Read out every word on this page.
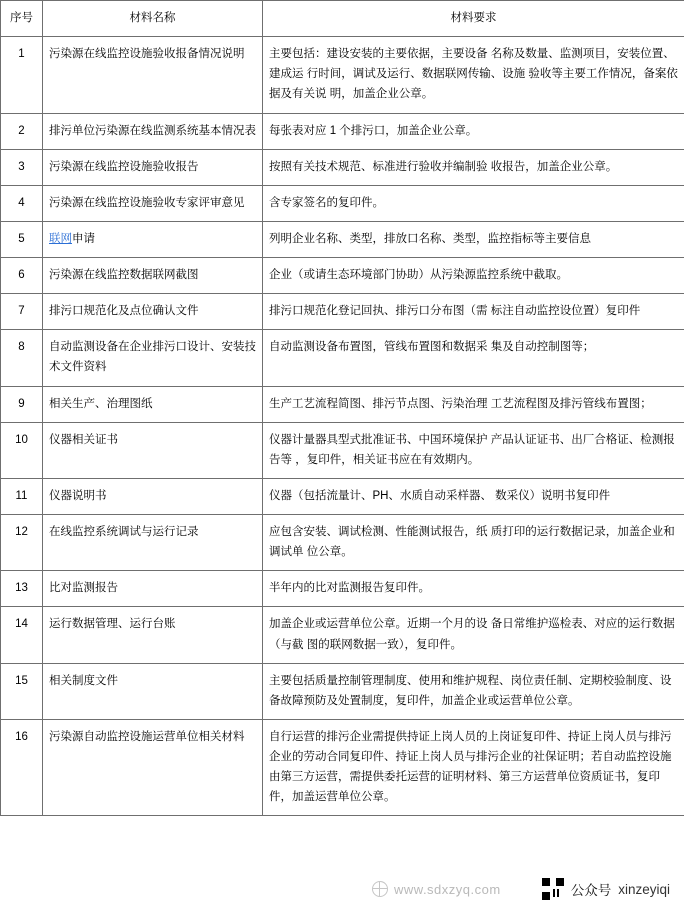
序号	材料名称	材料要求
1	污染源在线监控设施验收报备情况说明	主要包括：建设安装的主要依据，主要设备 名称及数量、监测项目，安装位置、建成运 行时间，调试及运行、数据联网传输、设施 验收等主要工作情况，备案依据及有关说 明，加盖企业公章。
2	排污单位污染源在线监测系统基本情况表	每张表对应 1 个排污口，加盖企业公章。
3	污染源在线监控设施验收报告	按照有关技术规范、标准进行验收并编制验 收报告，加盖企业公章。
4	污染源在线监控设施验收专家评审意见	含专家签名的复印件。
5	联网申请	列明企业名称、类型，排放口名称、类型，监控指标等主要信息
6	污染源在线监控数据联网截图	企业（或请生态环境部门协助）从污染源监控系统中截取。
7	排污口规范化及点位确认文件	排污口规范化登记回执、排污口分布图（需 标注自动监控设位置）复印件
8	自动监测设备在企业排污口设计、安装技术文件资料	自动监测设备布置图，管线布置图和数据采 集及自动控制图等；
9	相关生产、治理图纸	生产工艺流程简图、排污节点图、污染治理 工艺流程图及排污管线布置图；
10	仪器相关证书	仪器计量器具型式批准证书、中国环境保护 产品认证证书、出厂合格证、检测报告等 ，复印件，相关证书应在有效期内。
11	仪器说明书	仪器（包括流量计、PH、水质自动采样器、 数采仪）说明书复印件
12	在线监控系统调试与运行记录	应包含安装、调试检测、性能测试报告，纸 质打印的运行数据记录，加盖企业和调试单 位公章。
13	比对监测报告	半年内的比对监测报告复印件。
14	运行数据管理、运行台账	加盖企业或运营单位公章。近期一个月的设 备日常维护巡检表、对应的运行数据（与截 图的联网数据一致），复印件。
15	相关制度文件	主要包括质量控制管理制度、使用和维护规程、岗位责任制、定期校验制度、设备故障预防及处置制度，复印件，加盖企业或运营单位公章。
16	污染源自动监控设施运营单位相关材料	自行运营的排污企业需提供持证上岗人员的上岗证复印件、持证上岗人员与排污企业的劳动合同复印件、持证上岗人员与排污企业的社保证明；若自动监控设施由第三方运营，需提供委托运营的证明材料、第三方运营单位资质证书，复印件，加盖运营单位公章。
www.sdxzyq.com	公众号 xinzeyiqi
